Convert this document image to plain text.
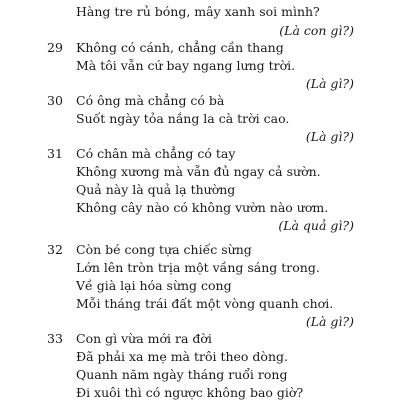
Hàng tre rủ bóng, mây xanh soi mình?
(Là con gì?)
29 Không có cánh, chẳng cần thang
Mà tôi vẫn cứ bay ngang lưng trời.
(Là gì?)
30 Có ông mà chẳng có bà
Suốt ngày tỏa nắng la cà trời cao.
(Là gì?)
31 Có chân mà chẳng có tay
Không xương mà vẫn đủ ngay cả sườn.
Quả này là quả lạ thường
Không cây nào có không vườn nào ươm.
(Là quả gì?)
32 Còn bé cong tựa chiếc sừng
Lớn lên tròn trịa một vầng sáng trong.
Về già lại hóa sừng cong
Mỗi tháng trái đất một vòng quanh chơi.
(Là gì?)
33 Con gì vừa mới ra đời
Đã phải xa mẹ mà trôi theo dòng.
Quanh năm ngày tháng ruổi rong
Đi xuôi thì có ngược không bao giờ?
